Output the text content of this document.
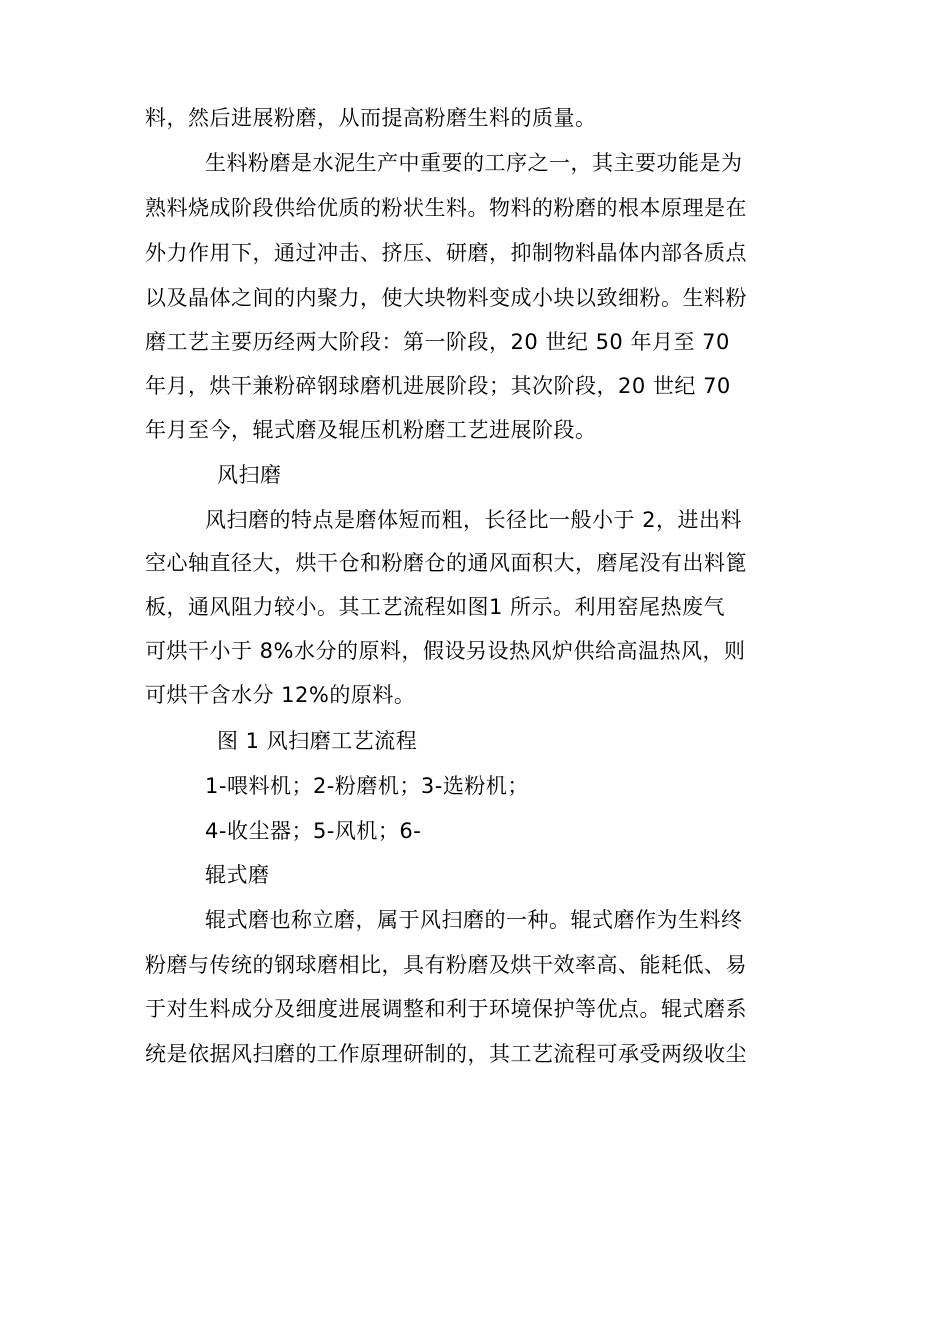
料，然后进展粉磨，从而提高粉磨生料的质量。
生料粉磨是水泥生产中重要的工序之一，其主要功能是为
熟料烧成阶段供给优质的粉状生料。物料的粉磨的根本原理是在
外力作用下，通过冲击、挤压、研磨，抑制物料晶体内部各质点
以及晶体之间的内聚力，使大块物料变成小块以致细粉。生料粉
磨工艺主要历经两大阶段：第一阶段，20 世纪 50 年月至 70
年月，烘干兼粉碎钢球磨机进展阶段；其次阶段，20 世纪 70
年月至今，辊式磨及辊压机粉磨工艺进展阶段。
风扫磨
风扫磨的特点是磨体短而粗，长径比一般小于 2，进出料
空心轴直径大，烘干仓和粉磨仓的通风面积大，磨尾没有出料篦
板，通风阻力较小。其工艺流程如图1 所示。利用窑尾热废气
可烘干小于 8%水分的原料，假设另设热风炉供给高温热风，则
可烘干含水分 12%的原料。
图 1 风扫磨工艺流程
1-喂料机；2-粉磨机；3-选粉机；
4-收尘器；5-风机；6-
辊式磨
辊式磨也称立磨，属于风扫磨的一种。辊式磨作为生料终
粉磨与传统的钢球磨相比，具有粉磨及烘干效率高、能耗低、易
于对生料成分及细度进展调整和利于环境保护等优点。辊式磨系
统是依据风扫磨的工作原理研制的，其工艺流程可承受两级收尘
